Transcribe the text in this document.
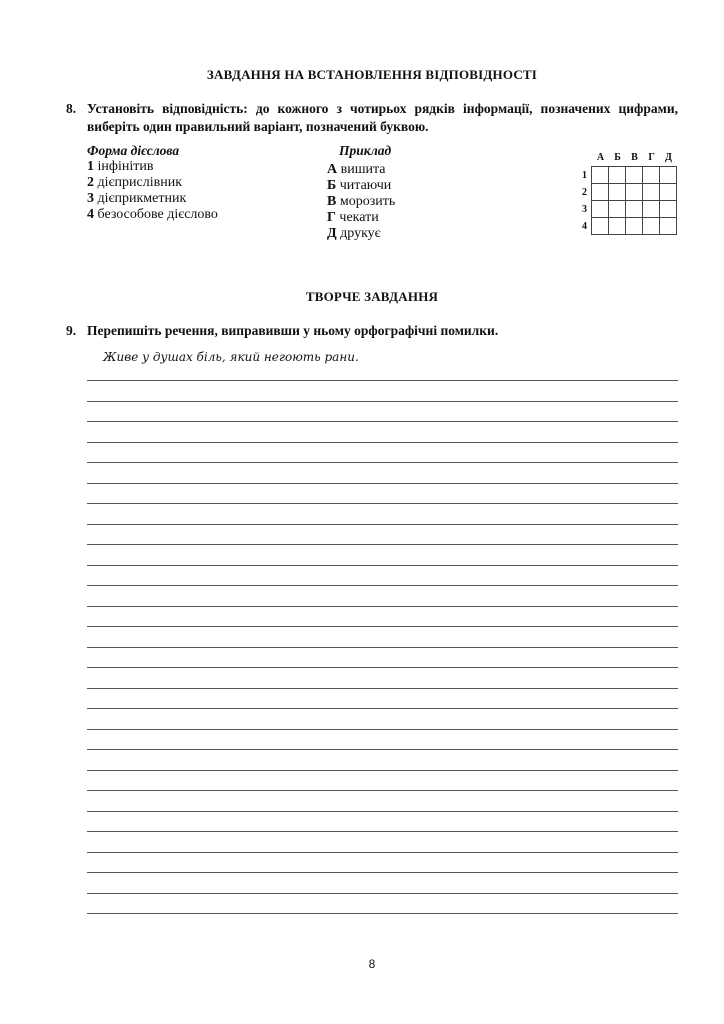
ЗАВДАННЯ НА ВСТАНОВЛЕННЯ ВІДПОВІДНОСТІ
8. Установіть відповідність: до кожного з чотирьох рядків інформації, позначених цифрами,
виберіть один правильний варіант, позначений буквою.
Форма дієслова
1 інфінітив
2 дієприслівник
3 дієприкметник
4 безособове дієслово
Приклад
А вишита
Б читаючи
В морозить
Г чекати
Д друкує
А	Б	В	Г	Д
1
2
3
4

ТВОРЧЕ ЗАВДАННЯ
9. Перепишіть речення, виправивши у ньому орфографічні помилки.
Живе у душах біль, який негоють рани.
8
